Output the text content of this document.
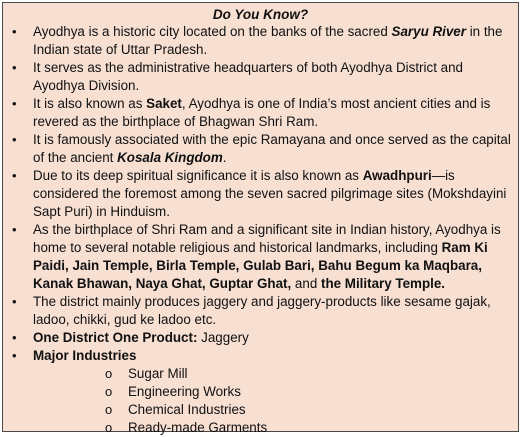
Do You Know?
• Ayodhya is a historic city located on the banks of the sacred Saryu River in the Indian state of Uttar Pradesh.
• It serves as the administrative headquarters of both Ayodhya District and Ayodhya Division.
• It is also known as Saket, Ayodhya is one of India’s most ancient cities and is revered as the birthplace of Bhagwan Shri Ram.
• It is famously associated with the epic Ramayana and once served as the capital of the ancient Kosala Kingdom.
• Due to its deep spiritual significance it is also known as Awadhpuri—is considered the foremost among the seven sacred pilgrimage sites (Mokshdayini Sapt Puri) in Hinduism.
• As the birthplace of Shri Ram and a significant site in Indian history, Ayodhya is home to several notable religious and historical landmarks, including Ram Ki Paidi, Jain Temple, Birla Temple, Gulab Bari, Bahu Begum ka Maqbara, Kanak Bhawan, Naya Ghat, Guptar Ghat, and the Military Temple.
• The district mainly produces jaggery and jaggery-products like sesame gajak, ladoo, chikki, gud ke ladoo etc.
• One District One Product: Jaggery
• Major Industries
o Sugar Mill
o Engineering Works
o Chemical Industries
o Ready-made Garments
